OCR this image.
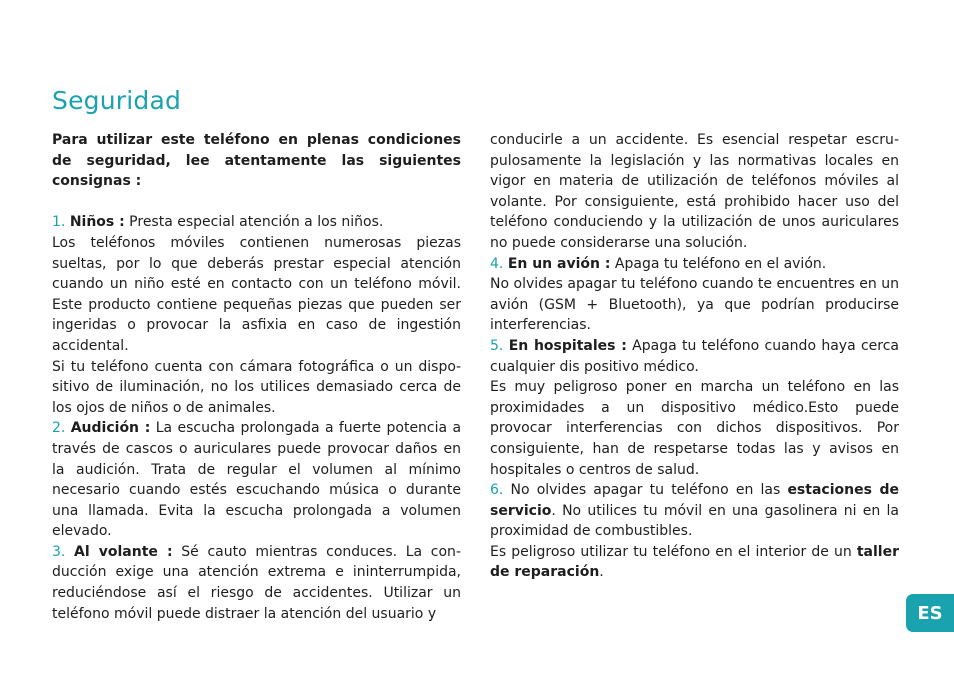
Seguridad

Para utilizar este teléfono en plenas condiciones de seguridad, lee atentamente las siguientes consignas :

1. Niños : Presta especial atención a los niños.

Los teléfonos móviles contienen numerosas piezas sueltas, por lo que deberás prestar especial atención cuando un niño esté en contacto con un teléfono móvil. Este producto contiene pequeñas piezas que pueden ser ingeridas o provocar la asfixia en caso de ingestión accidental.

Si tu teléfono cuenta con cámara fotográfica o un dispositivo de iluminación, no los utilices demasiado cerca de los ojos de niños o de animales.

2. Audición : La escucha prolongada a fuerte potencia a través de cascos o auriculares puede provocar daños en la audición. Trata de regular el volumen al mínimo necesario cuando estés escuchando música o durante una llamada. Evita la escucha prolongada a volumen elevado.

3. Al volante : Sé cauto mientras conduces. La conducción exige una atención extrema e ininterrumpida, reduciéndose así el riesgo de accidentes. Utilizar un teléfono móvil puede distraer la atención del usuario y

conducirle a un accidente. Es esencial respetar escrupulosamente la legislación y las normativas locales en vigor en materia de utilización de teléfonos móviles al volante. Por consiguiente, está prohibido hacer uso del teléfono conduciendo y la utilización de unos auriculares no puede considerarse una solución.

4. En un avión : Apaga tu teléfono en el avión.

No olvides apagar tu teléfono cuando te encuentres en un avión (GSM + Bluetooth), ya que podrían producirse interferencias.

5. En hospitales : Apaga tu teléfono cuando haya cerca cualquier dis positivo médico.

Es muy peligroso poner en marcha un teléfono en las proximidades a un dispositivo médico.Esto puede provocar interferencias con dichos dispositivos. Por consiguiente, han de respetarse todas las y avisos en hospitales o centros de salud.

6. No olvides apagar tu teléfono en las estaciones de servicio. No utilices tu móvil en una gasolinera ni en la proximidad de combustibles.

Es peligroso utilizar tu teléfono en el interior de un taller de reparación.

ES
